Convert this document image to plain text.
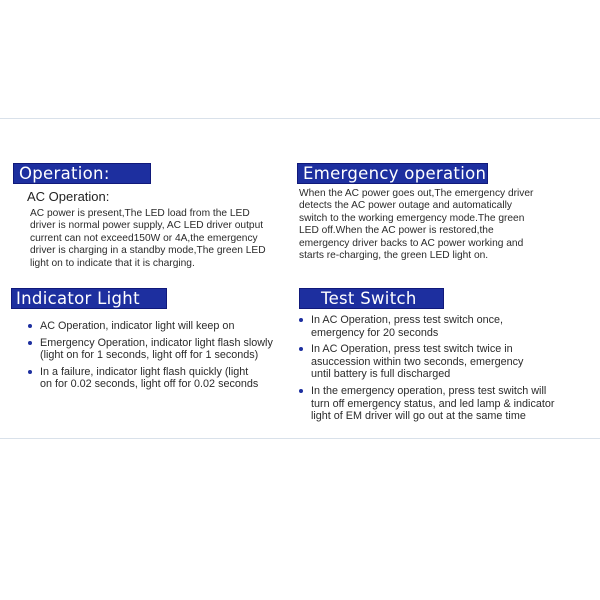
Operation:
AC Operation:
AC power is present,The LED load from the LED
driver is normal power supply, AC LED driver output
current can not exceed150W or 4A,the emergency
driver is charging in a standby mode,The green LED
light on to indicate that it is charging.
Emergency operation
When the AC power goes out,The emergency driver
detects the AC power outage and automatically
switch to the working emergency mode.The green
LED off.When the AC power is restored,the
emergency driver backs to AC power working and
starts re-charging, the green LED light on.
Indicator Light
AC Operation, indicator light will keep on
Emergency Operation, indicator light flash slowly
(light on for 1 seconds, light off for 1 seconds)
In a failure, indicator light flash quickly (light
on for 0.02 seconds, light off for 0.02 seconds
Test Switch
In AC Operation, press test switch once,
emergency for 20 seconds
In AC Operation, press test switch twice in
asuccession within two seconds, emergency
until battery is full discharged
In the emergency operation, press test switch will
turn off emergency status, and led lamp & indicator
light of EM driver will go out at the same time
